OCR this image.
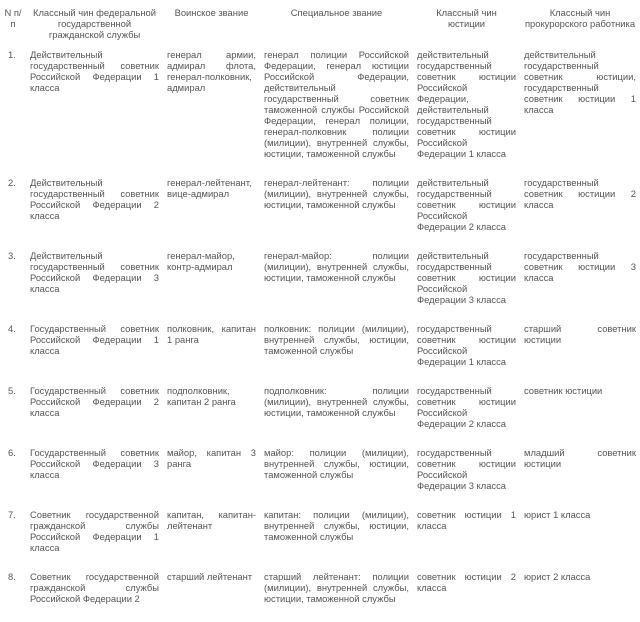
N п/п	Классный чин федеральной государственной гражданской службы	Воинское звание	Специальное звание	Классный чин юстиции	Классный чин прокурорского работника
1.	Действительный государственный советник Российской Федерации 1 класса	генерал армии, адмирал флота, генерал-полковник, адмирал	генерал полиции Российской Федерации, генерал юстиции Российской Федерации, действительный государственный советник таможенной службы Российской Федерации, генерал полиции, генерал-полковник полиции (милиции), внутренней службы, юстиции, таможенной службы	действительный государственный советник юстиции Российской Федерации, действительный государственный советник юстиции Российской Федерации 1 класса	действительный государственный советник юстиции, государственный советник юстиции 1 класса
2.	Действительный государственный советник Российской Федерации 2 класса	генерал-лейтенант, вице-адмирал	генерал-лейтенант: полиции (милиции), внутренней службы, юстиции, таможенной службы	действительный государственный советник юстиции Российской Федерации 2 класса	государственный советник юстиции 2 класса
3.	Действительный государственный советник Российской Федерации 3 класса	генерал-майор, контр-адмирал	генерал-майор: полиции (милиции), внутренней службы, юстиции, таможенной службы	действительный государственный советник юстиции Российской Федерации 3 класса	государственный советник юстиции 3 класса
4.	Государственный советник Российской Федерации 1 класса	полковник, капитан 1 ранга	полковник: полиции (милиции), внутренней службы, юстиции, таможенной службы	государственный советник юстиции Российской Федерации 1 класса	старший советник юстиции
5.	Государственный советник Российской Федерации 2 класса	подполковник, капитан 2 ранга	подполковник: полиции (милиции), внутренней службы, юстиции, таможенной службы	государственный советник юстиции Российской Федерации 2 класса	советник юстиции
6.	Государственный советник Российской Федерации 3 класса	майор, капитан 3 ранга	майор: полиции (милиции), внутренней службы, юстиции, таможенной службы	государственный советник юстиции Российской Федерации 3 класса	младший советник юстиции
7.	Советник государственной гражданской службы Российской Федерации 1 класса	капитан, капитан-лейтенант	капитан: полиции (милиции), внутренней службы, юстиции, таможенной службы	советник юстиции 1 класса	юрист 1 класса
8.	Советник государственной гражданской службы Российской Федерации 2	старший лейтенант	старший лейтенант: полиции (милиции), внутренней службы, юстиции, таможенной службы	советник юстиции 2 класса	юрист 2 класса
